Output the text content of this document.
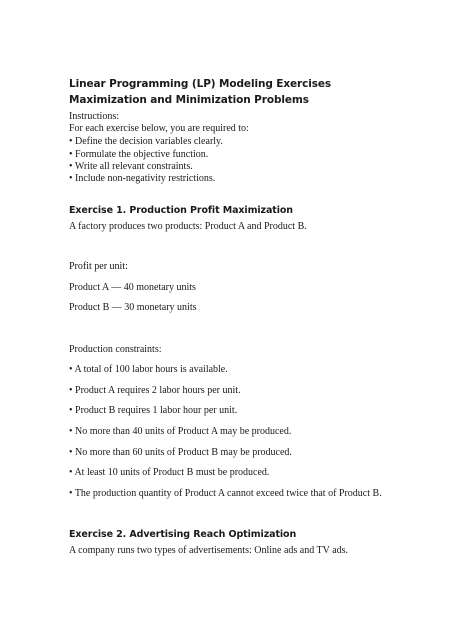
Linear Programming (LP) Modeling Exercises
Maximization and Minimization Problems
Instructions:
For each exercise below, you are required to:
• Define the decision variables clearly.
• Formulate the objective function.
• Write all relevant constraints.
• Include non-negativity restrictions.
Exercise 1. Production Profit Maximization
A factory produces two products: Product A and Product B.
Profit per unit:
Product A — 40 monetary units
Product B — 30 monetary units
Production constraints:
• A total of 100 labor hours is available.
• Product A requires 2 labor hours per unit.
• Product B requires 1 labor hour per unit.
• No more than 40 units of Product A may be produced.
• No more than 60 units of Product B may be produced.
• At least 10 units of Product B must be produced.
• The production quantity of Product A cannot exceed twice that of Product B.
Exercise 2. Advertising Reach Optimization
A company runs two types of advertisements: Online ads and TV ads.
